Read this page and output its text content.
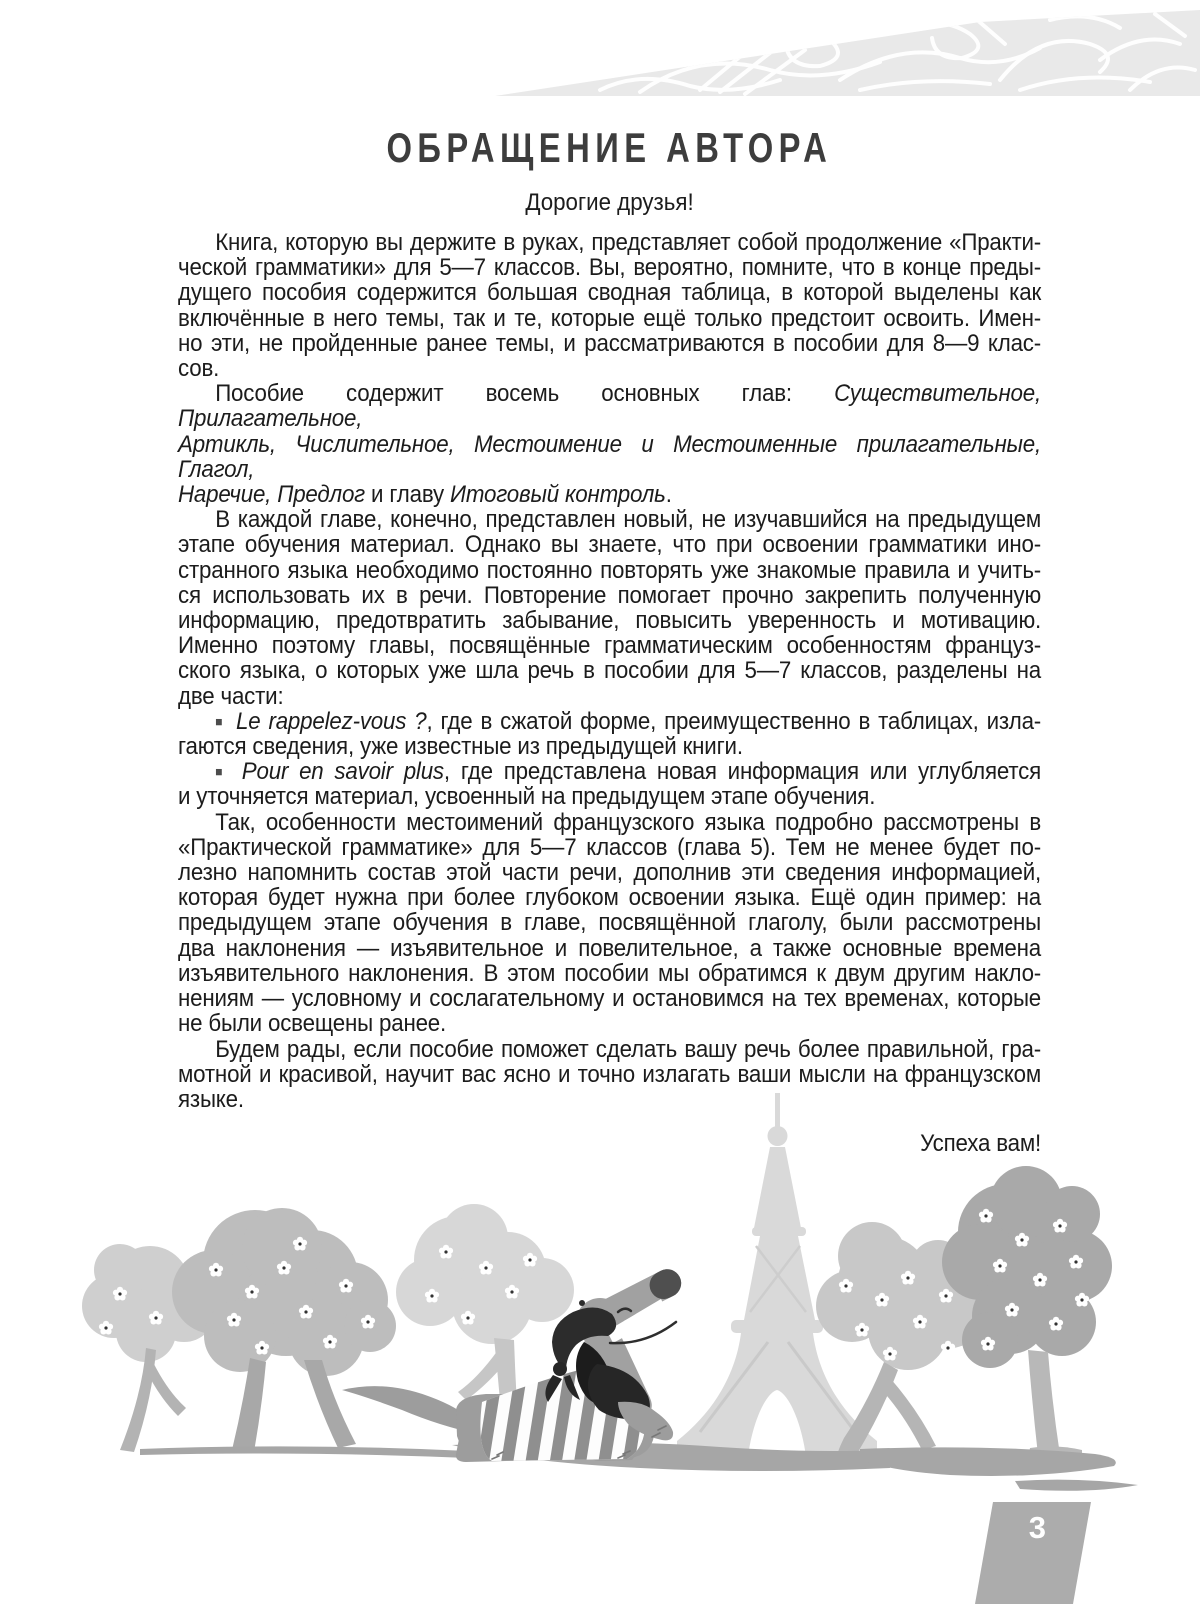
ОБРАЩЕНИЕ АВТОРА
Дорогие друзья!
Книга, которую вы держите в руках, представляет собой продолжение «Практи-
ческой грамматики» для 5—7 классов. Вы, вероятно, помните, что в конце преды-
дущего пособия содержится большая сводная таблица, в которой выделены как
включённые в него темы, так и те, которые ещё только предстоит освоить. Имен-
но эти, не пройденные ранее темы, и рассматриваются в пособии для 8—9 клас-
сов.
Пособие содержит восемь основных глав: Существительное, Прилагательное,
Артикль, Числительное, Местоимение и Местоименные прилагательные, Глагол,
Наречие, Предлог и главу Итоговый контроль.
В каждой главе, конечно, представлен новый, не изучавшийся на предыдущем
этапе обучения материал. Однако вы знаете, что при освоении грамматики ино-
странного языка необходимо постоянно повторять уже знакомые правила и учить-
ся использовать их в речи. Повторение помогает прочно закрепить полученную
информацию, предотвратить забывание, повысить уверенность и мотивацию.
Именно поэтому главы, посвящённые грамматическим особенностям француз-
ского языка, о которых уже шла речь в пособии для 5—7 классов, разделены на
две части:
■ Le rappelez-vous ?, где в сжатой форме, преимущественно в таблицах, изла-
гаются сведения, уже известные из предыдущей книги.
■ Pour en savoir plus, где представлена новая информация или углубляется
и уточняется материал, усвоенный на предыдущем этапе обучения.
Так, особенности местоимений французского языка подробно рассмотрены в
«Практической грамматике» для 5—7 классов (глава 5). Тем не менее будет по-
лезно напомнить состав этой части речи, дополнив эти сведения информацией,
которая будет нужна при более глубоком освоении языка. Ещё один пример: на
предыдущем этапе обучения в главе, посвящённой глаголу, были рассмотрены
два наклонения — изъявительное и повелительное, а также основные времена
изъявительного наклонения. В этом пособии мы обратимся к двум другим накло-
нениям — условному и сослагательному и остановимся на тех временах, которые
не были освещены ранее.
Будем рады, если пособие поможет сделать вашу речь более правильной, гра-
мотной и красивой, научит вас ясно и точно излагать ваши мысли на французском
языке.
Успеха вам!
3
